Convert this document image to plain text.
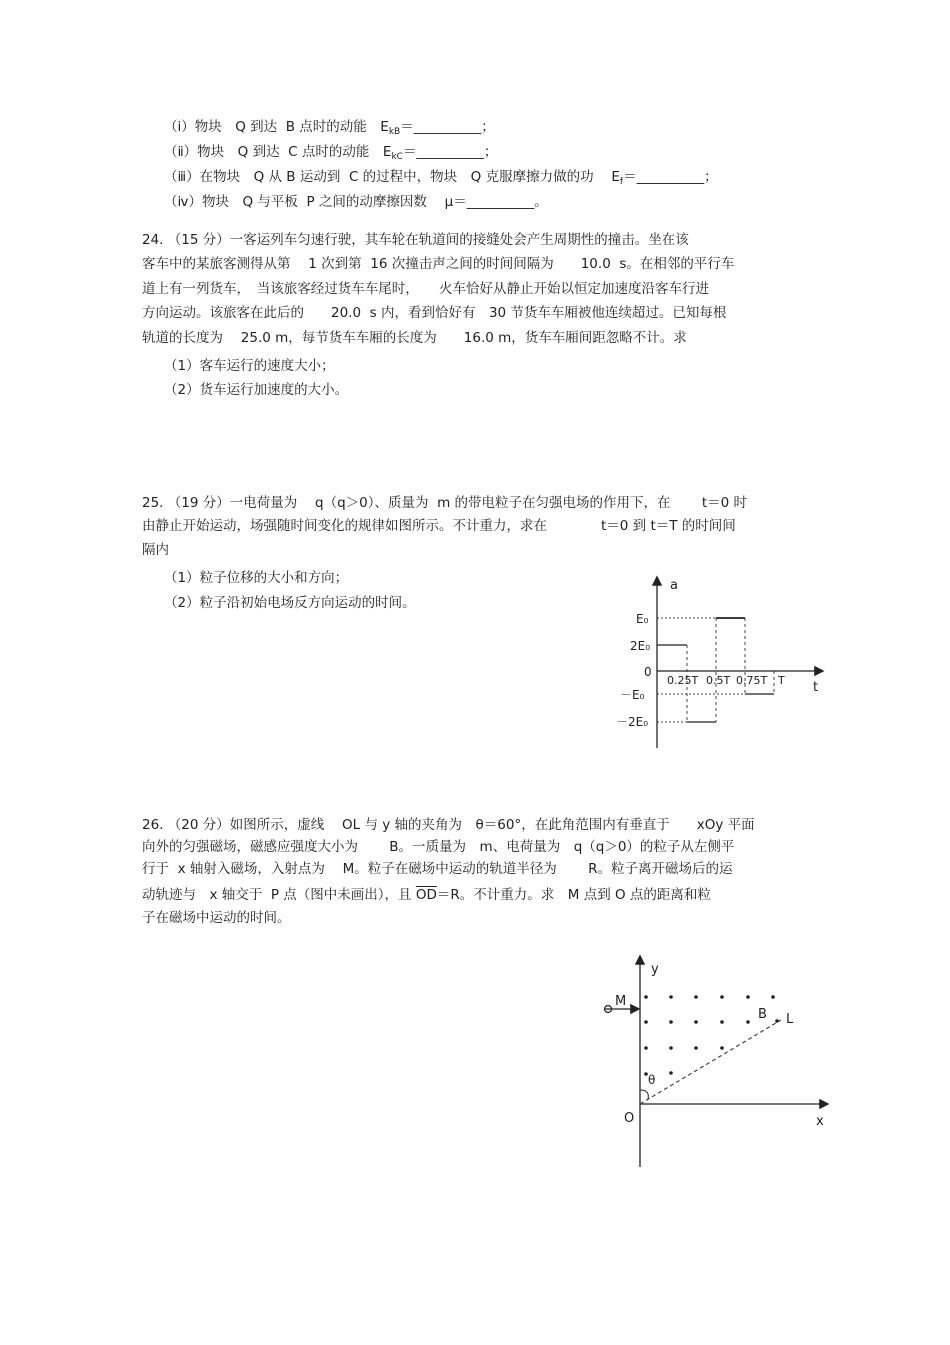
（ⅰ）物块　Q 到达  B 点时的动能　$E_{kB}=\_\_\_\_\_\_\_\_\_\_$；
（ⅱ）物块　Q 到达  C 点时的动能　$E_{kC}=\_\_\_\_\_\_\_\_\_\_$；
（ⅲ）在物块　Q 从 B 运动到  C 的过程中，物块　Q 克服摩擦力做的功　 $E_f=\_\_\_\_\_\_\_\_\_\_$；
（ⅳ）物块　Q 与平板  P 之间的动摩擦因数　 μ＝__________。
24. （15 分）一客运列车匀速行驶，其车轮在轨道间的接缝处会产生周期性的撞击。坐在该
客车中的某旅客测得从第　 1 次到第  16 次撞击声之间的时间间隔为　　10.0  s。在相邻的平行车
道上有一列货车，　当该旅客经过货车车尾时，　　火车恰好从静止开始以恒定加速度沿客车行进
方向运动。该旅客在此后的　　20.0  s 内，看到恰好有　30 节货车车厢被他连续超过。已知每根
轨道的长度为　 25.0 m，每节货车车厢的长度为　　16.0 m，货车车厢间距忽略不计。求
（1）客车运行的速度大小；
（2）货车运行加速度的大小。
25. （19 分）一电荷量为　 q（q＞0）、质量为  m 的带电粒子在匀强电场的作用下，在　　 t＝0 时
由静止开始运动，场强随时间变化的规律如图所示。不计重力，求在　　　　t＝0 到 t＝T 的时间间
隔内
（1）粒子位移的大小和方向；
（2）粒子沿初始电场反方向运动的时间。
a
t
E₀
2E₀
0
－E₀
－2E₀
0.25T 0.5T 0.75T T
26. （20 分）如图所示，虚线　 OL 与 y 轴的夹角为　θ＝60°，在此角范围内有垂直于　　xOy 平面
向外的匀强磁场，磁感应强度大小为　　 B。一质量为　m、电荷量为　q（q＞0）的粒子从左侧平
行于  x 轴射入磁场，入射点为　 M。粒子在磁场中运动的轨道半径为　　 R。粒子离开磁场后的运
动轨迹与　x 轴交于  P 点（图中未画出），且 $\overline{OD}=R$。不计重力。求　M 点到 O 点的距离和粒
子在磁场中运动的时间。
y
x
O
θ
M
B L
